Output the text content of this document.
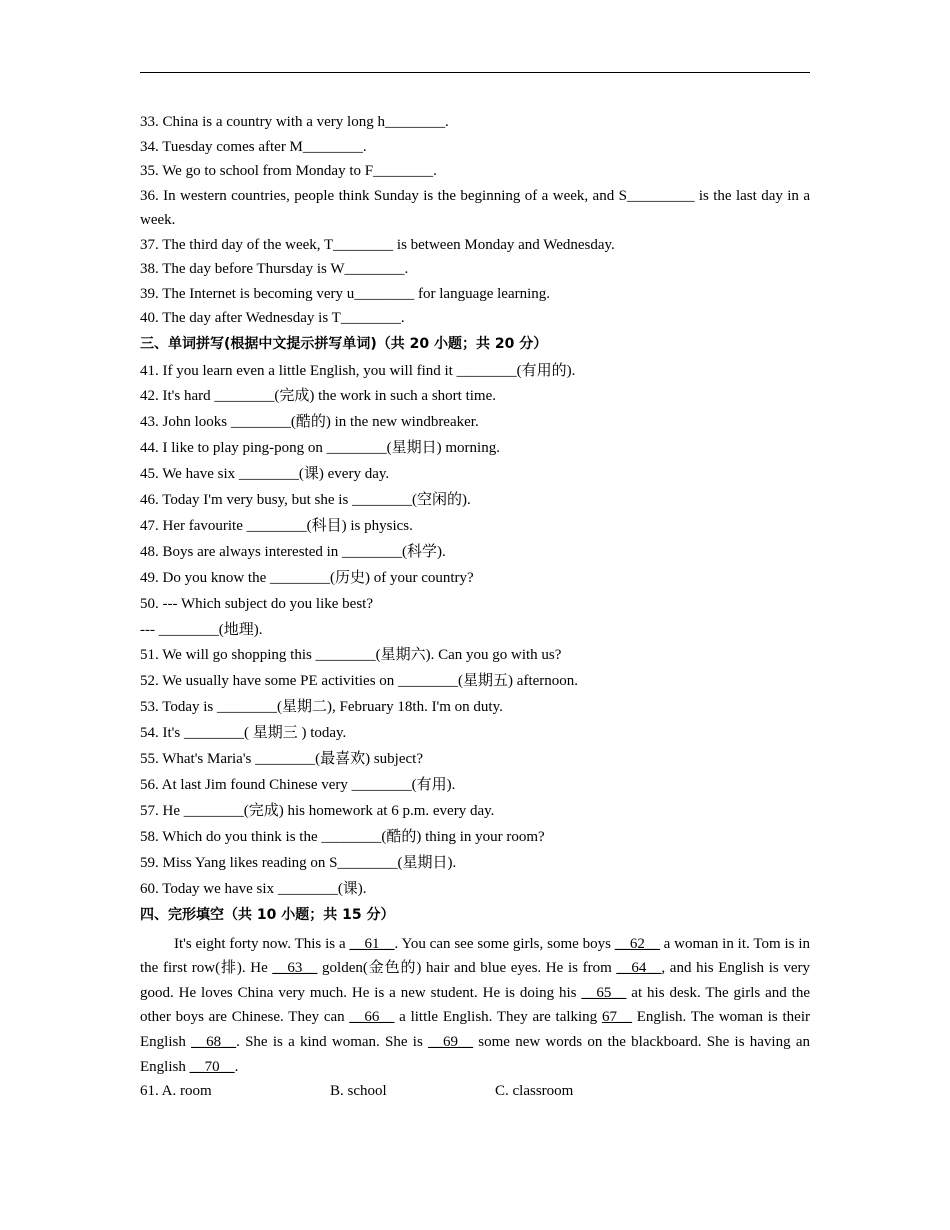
33. China is a country with a very long h________.
34. Tuesday comes after M________.
35. We go to school from Monday to F________.
36. In western countries, people think Sunday is the beginning of a week, and S_________ is the last day in a week.
37. The third day of the week, T________ is between Monday and Wednesday.
38. The day before Thursday is W________.
39. The Internet is becoming very u________ for language learning.
40. The day after Wednesday is T________.
三、单词拼写(根据中文提示拼写单词)（共 20 小题；共 20 分）
41. If you learn even a little English, you will find it ________(有用的).
42. It's hard ________(完成) the work in such a short time.
43. John looks ________(酷的) in the new windbreaker.
44. I like to play ping-pong on ________(星期日) morning.
45. We have six ________(课) every day.
46. Today I'm very busy, but she is ________(空闲的).
47. Her favourite ________(科目) is physics.
48. Boys are always interested in ________(科学).
49. Do you know the ________(历史) of your country?
50. --- Which subject do you like best?
--- ________(地理).
51. We will go shopping this ________(星期六). Can you go with us?
52. We usually have some PE activities on ________(星期五) afternoon.
53. Today is ________(星期二), February 18th. I'm on duty.
54. It's ________( 星期三 ) today.
55. What's Maria's ________(最喜欢) subject?
56. At last Jim found Chinese very ________(有用).
57. He ________(完成) his homework at 6 p.m. every day.
58. Which do you think is the ________(酷的) thing in your room?
59. Miss Yang likes reading on S________(星期日).
60. Today we have six ________(课).
四、完形填空（共 10 小题；共 15 分）
It's eight forty now. This is a __61__. You can see some girls, some boys __62__ a woman in it. Tom is in the first row(排). He __63__ golden(金色的) hair and blue eyes. He is from __64__, and his English is very good. He loves China very much. He is a new student. He is doing his __65__ at his desk. The girls and the other boys are Chinese. They can __66__ a little English. They are talking 67__ English. The woman is their English __68__. She is a kind woman. She is __69__ some new words on the blackboard. She is having an English __70__.
61. A. room	B. school	C. classroom
